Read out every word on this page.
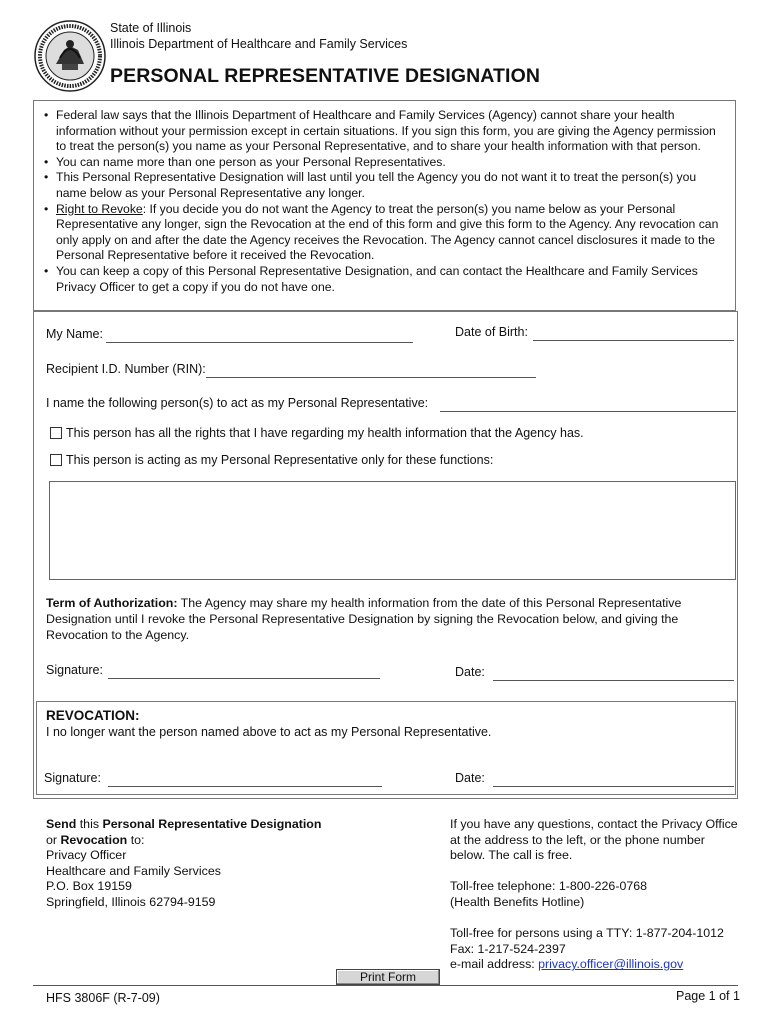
State of Illinois
Illinois Department of Healthcare and Family Services
PERSONAL REPRESENTATIVE DESIGNATION
• Federal law says that the Illinois Department of Healthcare and Family Services (Agency) cannot share your health information without your permission except in certain situations. If you sign this form, you are giving the Agency permission to treat the person(s) you name as your Personal Representative, and to share your health information with that person.
• You can name more than one person as your Personal Representatives.
• This Personal Representative Designation will last until you tell the Agency you do not want it to treat the person(s) you name below as your Personal Representative any longer.
• Right to Revoke: If you decide you do not want the Agency to treat the person(s) you name below as your Personal Representative any longer, sign the Revocation at the end of this form and give this form to the Agency. Any revocation can only apply on and after the date the Agency receives the Revocation. The Agency cannot cancel disclosures it made to the Personal Representative before it received the Revocation.
• You can keep a copy of this Personal Representative Designation, and can contact the Healthcare and Family Services Privacy Officer to get a copy if you do not have one.
My Name:	Date of Birth:
Recipient I.D. Number (RIN):
I name the following person(s) to act as my Personal Representative:
This person has all the rights that I have regarding my health information that the Agency has.
This person is acting as my Personal Representative only for these functions:
Term of Authorization: The Agency may share my health information from the date of this Personal Representative Designation until I revoke the Personal Representative Designation by signing the Revocation below, and giving the Revocation to the Agency.
Signature:	Date:
REVOCATION:
I no longer want the person named above to act as my Personal Representative.
Signature:	Date:
Send this Personal Representative Designation
or Revocation to:
Privacy Officer
Healthcare and Family Services
P.O. Box 19159
Springfield, Illinois 62794-9159
If you have any questions, contact the Privacy Office
at the address to the left, or the phone number
below. The call is free.
Toll-free telephone: 1-800-226-0768
(Health Benefits Hotline)
Toll-free for persons using a TTY: 1-877-204-1012
Fax: 1-217-524-2397
e-mail address: privacy.officer@illinois.gov
Print Form
HFS 3806F (R-7-09)	Page 1 of 1
